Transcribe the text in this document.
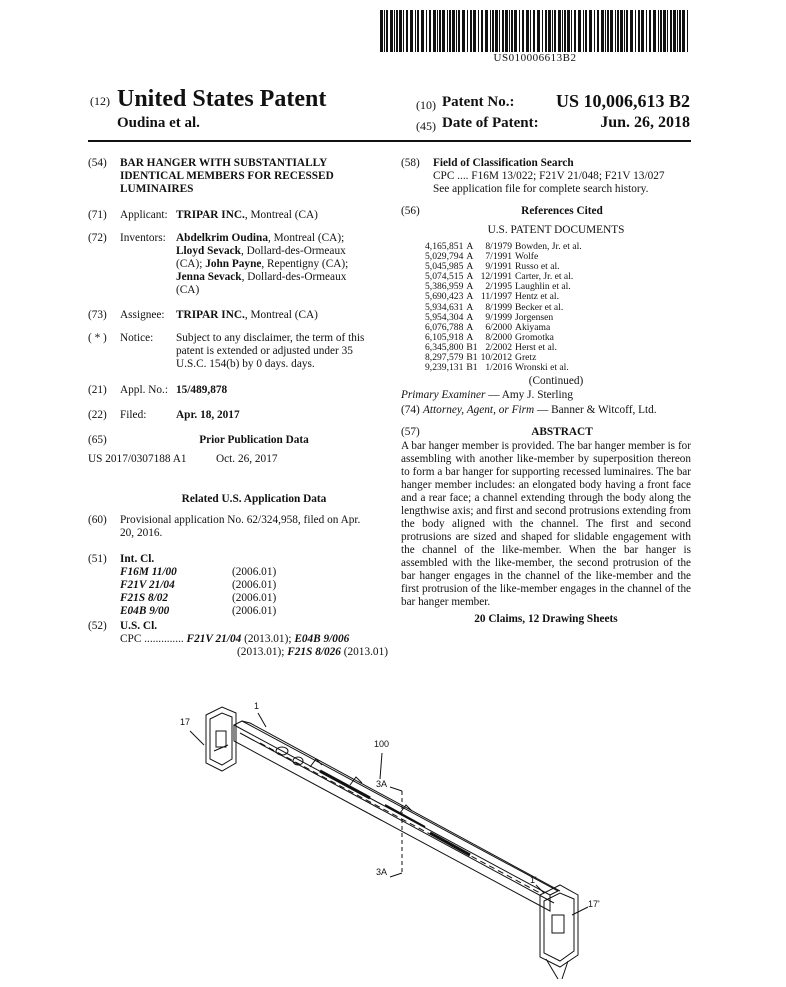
US010006613B2
(12) United States Patent
Oudina et al.
(10) Patent No.:	US 10,006,613 B2
(45) Date of Patent:	Jun. 26, 2018
(54)	BAR HANGER WITH SUBSTANTIALLY
IDENTICAL MEMBERS FOR RECESSED
LUMINAIRES
(71)	Applicant: TRIPAR INC., Montreal (CA)
(72)	Inventors: Abdelkrim Oudina, Montreal (CA);
Lloyd Sevack, Dollard-des-Ormeaux
(CA); John Payne, Repentigny (CA);
Jenna Sevack, Dollard-des-Ormeaux
(CA)
(73)	Assignee:	TRIPAR INC., Montreal (CA)
( * )	Notice:	Subject to any disclaimer, the term of this
patent is extended or adjusted under 35
U.S.C. 154(b) by 0 days. days.
(21)	Appl. No.: 15/489,878
(22)	Filed:	Apr. 18, 2017
(65)	Prior Publication Data
US 2017/0307188 A1	Oct. 26, 2017
Related U.S. Application Data
(60)	Provisional application No. 62/324,958, filed on Apr.
20, 2016.
(51)	Int. Cl.
F16M 11/00	(2006.01)
F21V 21/04	(2006.01)
F21S 8/02	(2006.01)
E04B 9/00	(2006.01)
(52)	U.S. Cl.
CPC .............. F21V 21/04 (2013.01); E04B 9/006
(2013.01); F21S 8/026 (2013.01)
(58)	Field of Classification Search
CPC .... F16M 13/022; F21V 21/048; F21V 13/027
See application file for complete search history.
(56)	References Cited
U.S. PATENT DOCUMENTS
4,165,851	A	8/1979	Bowden, Jr. et al.
5,029,794	A	7/1991	Wolfe
5,045,985	A	9/1991	Russo et al.
5,074,515	A	12/1991	Carter, Jr. et al.
5,386,959	A	2/1995	Laughlin et al.
5,690,423	A	11/1997	Hentz et al.
5,934,631	A	8/1999	Becker et al.
5,954,304	A	9/1999	Jorgensen
6,076,788	A	6/2000	Akiyama
6,105,918	A	8/2000	Gromotka
6,345,800	B1	2/2002	Herst et al.
8,297,579	B1	10/2012	Gretz
9,239,131	B1	1/2016	Wronski et al.
(Continued)
Primary Examiner — Amy J. Sterling
(74) Attorney, Agent, or Firm — Banner & Witcoff, Ltd.
(57)	ABSTRACT
A bar hanger member is provided. The bar hanger member is for assembling with another like-member by superposition thereon to form a bar hanger for supporting recessed luminaires. The bar hanger member includes: an elongated body having a front face and a rear face; a channel extending through the body along the lengthwise axis; and first and second protrusions extending from the body aligned with the channel. The first and second protrusions are sized and shaped for slidable engagement with the channel of the like-member. When the bar hanger is assembled with the like-member, the second protrusion of the bar hanger engages in the channel of the like-member and the first protrusion of the like-member engages in the channel of the bar hanger member.
20 Claims, 12 Drawing Sheets
17
1
100
3A
3A
1'
17'
